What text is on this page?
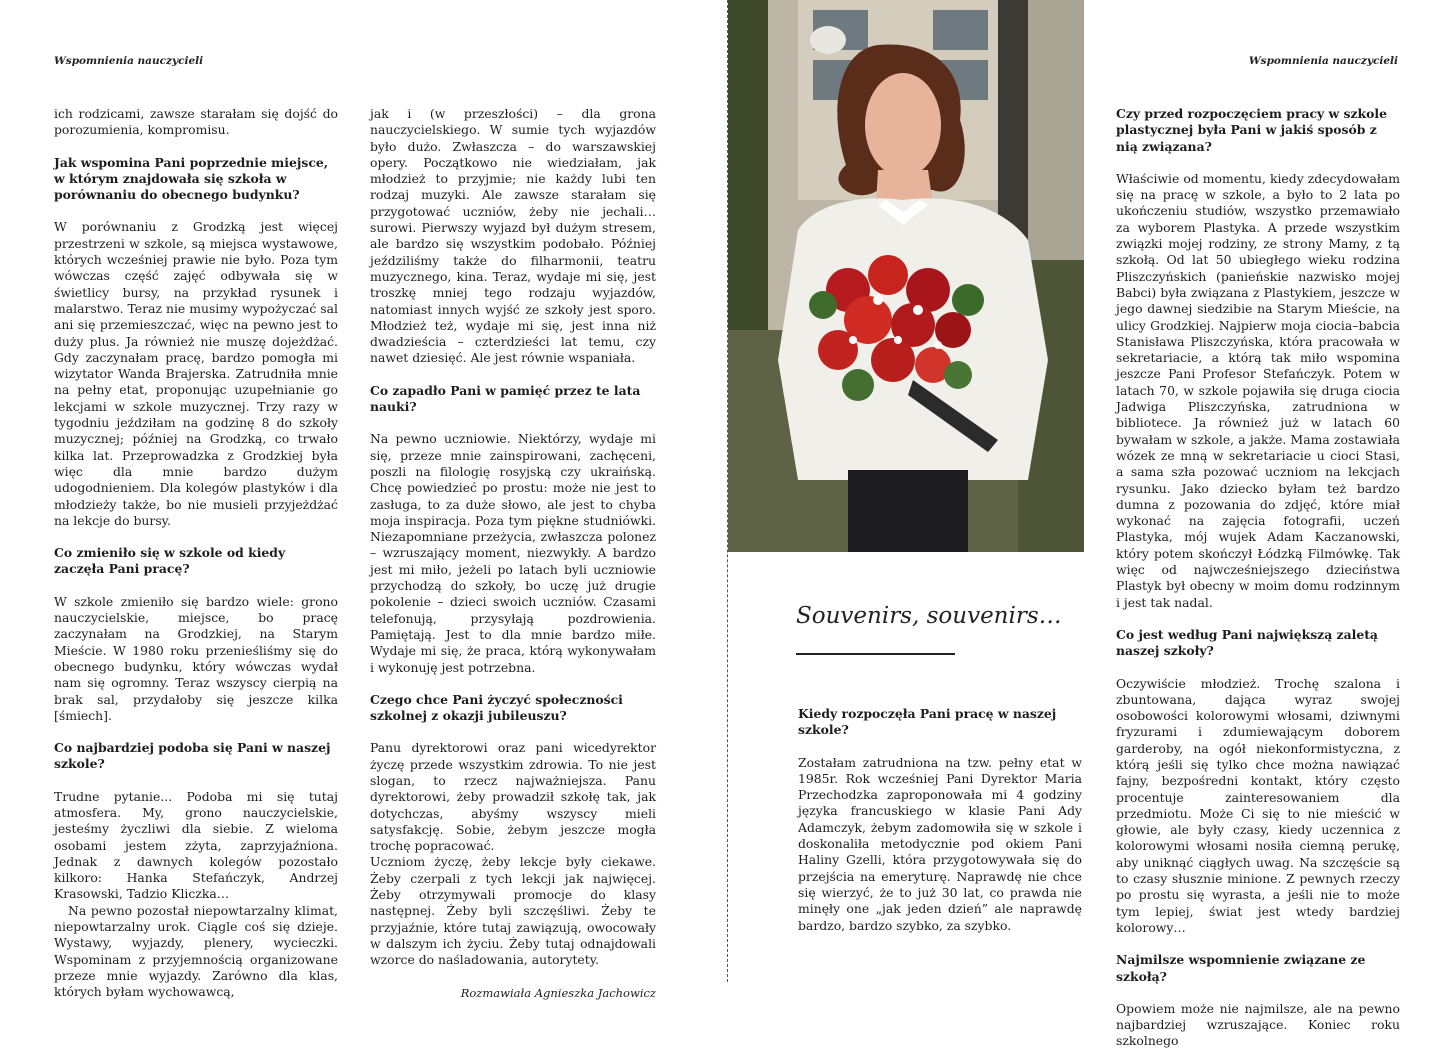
Wspomnienia nauczycieli	Wspomnienia nauczycieli

ich rodzicami, zawsze starałam się dojść do porozumienia, kompromisu.

Jak wspomina Pani poprzednie miejsce, w którym znajdowała się szkoła w porównaniu do obecnego budynku?

W porównaniu z Grodzką jest więcej przestrzeni w szkole, są miejsca wystawowe, których wcześniej prawie nie było. Poza tym wówczas część zajęć odbywała się w świetlicy bursy, na przykład rysunek i malarstwo. Teraz nie musimy wypożyczać sal ani się przemieszczać, więc na pewno jest to duży plus. Ja również nie muszę dojeżdżać. Gdy zaczynałam pracę, bardzo pomogła mi wizytator Wanda Brajerska. Zatrudniła mnie na pełny etat, proponując uzupełnianie go lekcjami w szkole muzycznej. Trzy razy w tygodniu jeździłam na godzinę 8 do szkoły muzycznej; później na Grodzką, co trwało kilka lat. Przeprowadzka z Grodzkiej była więc dla mnie bardzo dużym udogodnieniem. Dla kolegów plastyków i dla młodzieży także, bo nie musieli przyjeżdżać na lekcje do bursy.

Co zmieniło się w szkole od kiedy zaczęła Pani pracę?

W szkole zmieniło się bardzo wiele: grono nauczycielskie, miejsce, bo pracę zaczynałam na Grodzkiej, na Starym Mieście. W 1980 roku przenieśliśmy się do obecnego budynku, który wówczas wydał nam się ogromny. Teraz wszyscy cierpią na brak sal, przydałoby się jeszcze kilka [śmiech].

Co najbardziej podoba się Pani w naszej szkole?

Trudne pytanie... Podoba mi się tutaj atmosfera. My, grono nauczycielskie, jesteśmy życzliwi dla siebie. Z wieloma osobami jestem zżyta, zaprzyjaźniona. Jednak z dawnych kolegów pozostało kilkoro: Hanka Stefańczyk, Andrzej Krasowski, Tadzio Kliczka…

Na pewno pozostał niepowtarzalny klimat, niepowtarzalny urok. Ciągle coś się dzieje. Wystawy, wyjazdy, plenery, wycieczki. Wspominam z przyjemnością organizowane przeze mnie wyjazdy. Zarówno dla klas, których byłam wychowawcą,

jak i (w przeszłości) – dla grona nauczycielskiego. W sumie tych wyjazdów było dużo. Zwłaszcza – do warszawskiej opery. Początkowo nie wiedziałam, jak młodzież to przyjmie; nie każdy lubi ten rodzaj muzyki. Ale zawsze starałam się przygotować uczniów, żeby nie jechali… surowi. Pierwszy wyjazd był dużym stresem, ale bardzo się wszystkim podobało. Później jeździliśmy także do filharmonii, teatru muzycznego, kina. Teraz, wydaje mi się, jest troszkę mniej tego rodzaju wyjazdów, natomiast innych wyjść ze szkoły jest sporo. Młodzież też, wydaje mi się, jest inna niż dwadzieścia – czterdzieści lat temu, czy nawet dziesięć. Ale jest równie wspaniała.

Co zapadło Pani w pamięć przez te lata nauki?

Na pewno uczniowie. Niektórzy, wydaje mi się, przeze mnie zainspirowani, zachęceni, poszli na filologię rosyjską czy ukraińską. Chcę powiedzieć po prostu: może nie jest to zasługa, to za duże słowo, ale jest to chyba moja inspiracja. Poza tym piękne studniówki. Niezapomniane przeżycia, zwłaszcza polonez – wzruszający moment, niezwykły. A bardzo jest mi miło, jeżeli po latach byli uczniowie przychodzą do szkoły, bo uczę już drugie pokolenie – dzieci swoich uczniów. Czasami telefonują, przysyłają pozdrowienia. Pamiętają. Jest to dla mnie bardzo miłe. Wydaje mi się, że praca, którą wykonywałam i wykonuję jest potrzebna.

Czego chce Pani życzyć społeczności szkolnej z okazji jubileuszu?

Panu dyrektorowi oraz pani wicedyrektor życzę przede wszystkim zdrowia. To nie jest slogan, to rzecz najważniejsza. Panu dyrektorowi, żeby prowadził szkołę tak, jak dotychczas, abyśmy wszyscy mieli satysfakcję. Sobie, żebym jeszcze mogła trochę popracować.

Uczniom życzę, żeby lekcje były ciekawe. Żeby czerpali z tych lekcji jak najwięcej. Żeby otrzymywali promocje do klasy następnej. Żeby byli szczęśliwi. Żeby te przyjaźnie, które tutaj zawiązują, owocowały w dalszym ich życiu. Żeby tutaj odnajdowali wzorce do naśladowania, autorytety.

Rozmawiała Agnieszka Jachowicz

Souvenirs, souvenirs…

Kiedy rozpoczęła Pani pracę w naszej szkole?

Zostałam zatrudniona na tzw. pełny etat w 1985r. Rok wcześniej Pani Dyrektor Maria Przechodzka zaproponowała mi 4 godziny języka francuskiego w klasie Pani Ady Adamczyk, żebym zadomowiła się w szkole i doskonaliła metodycznie pod okiem Pani Haliny Gzelli, która przygotowywała się do przejścia na emeryturę. Naprawdę nie chce się wierzyć, że to już 30 lat, co prawda nie minęły one „jak jeden dzień” ale naprawdę bardzo, bardzo szybko, za szybko.

Czy przed rozpoczęciem pracy w szkole plastycznej była Pani w jakiś sposób z nią związana?

Właściwie od momentu, kiedy zdecydowałam się na pracę w szkole, a było to 2 lata po ukończeniu studiów, wszystko przemawiało za wyborem Plastyka. A przede wszystkim związki mojej rodziny, ze strony Mamy, z tą szkołą. Od lat 50 ubiegłego wieku rodzina Pliszczyńskich (panieńskie nazwisko mojej Babci) była związana z Plastykiem, jeszcze w jego dawnej siedzibie na Starym Mieście, na ulicy Grodzkiej. Najpierw moja ciocia–babcia Stanisława Pliszczyńska, która pracowała w sekretariacie, a którą tak miło wspomina jeszcze Pani Profesor Stefańczyk. Potem w latach 70, w szkole pojawiła się druga ciocia Jadwiga Pliszczyńska, zatrudniona w bibliotece. Ja również już w latach 60 bywałam w szkole, a jakże. Mama zostawiała wózek ze mną w sekretariacie u cioci Stasi, a sama szła pozować uczniom na lekcjach rysunku. Jako dziecko byłam też bardzo dumna z pozowania do zdjęć, które miał wykonać na zajęcia fotografii, uczeń Plastyka, mój wujek Adam Kaczanowski, który potem skończył Łódzką Filmówkę. Tak więc od najwcześniejszego dzieciństwa Plastyk był obecny w moim domu rodzinnym i jest tak nadal.

Co jest według Pani największą zaletą naszej szkoły?

Oczywiście młodzież. Trochę szalona i zbuntowana, dająca wyraz swojej osobowości kolorowymi włosami, dziwnymi fryzurami i zdumiewającym doborem garderoby, na ogół niekonformistyczna, z którą jeśli się tylko chce można nawiązać fajny, bezpośredni kontakt, który często procentuje zainteresowaniem dla przedmiotu. Może Ci się to nie mieścić w głowie, ale były czasy, kiedy uczennica z kolorowymi włosami nosiła ciemną perukę, aby uniknąć ciągłych uwag. Na szczęście są to czasy słusznie minione. Z pewnych rzeczy po prostu się wyrasta, a jeśli nie to może tym lepiej, świat jest wtedy bardziej kolorowy…

Najmilsze wspomnienie związane ze szkołą?

Opowiem może nie najmilsze, ale na pewno najbardziej wzruszające. Koniec roku szkolnego
